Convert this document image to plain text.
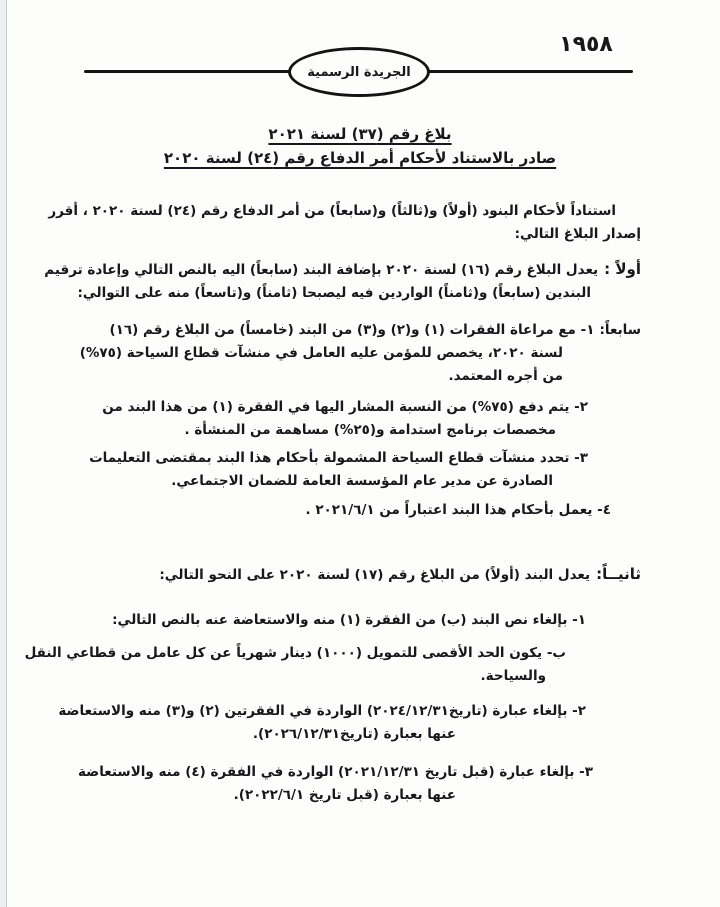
١٩٥٨
الجريدة الرسمية
بلاغ رقم (٣٧) لسنة ٢٠٢١
صادر بالاستناد لأحكام أمر الدفاع رقم (٢٤) لسنة ٢٠٢٠
استناداً لأحكام البنود (أولاً) و(ثالثاً) و(سابعاً) من أمر الدفاع رقم (٢٤) لسنة ٢٠٢٠ ، أقرر
إصدار البلاغ التالي:
أولاً :يعدل البلاغ رقم (١٦) لسنة ٢٠٢٠ بإضافة البند (سابعاً) اليه بالنص التالي وإعادة ترقيم
البندين (سابعاً) و(ثامناً) الواردين فيه ليصبحا (ثامناً) و(تاسعاً) منه على التوالي:
سابعاً:١- مع مراعاة الفقرات (١) و(٢) و(٣) من البند (خامساً) من البلاغ رقم (١٦)
لسنة ٢٠٢٠، يخصص للمؤمن عليه العامل في منشآت قطاع السياحة (٧٥%)
من أجره المعتمد.
٢- يتم دفع (٧٥%) من النسبة المشار اليها في الفقرة (١) من هذا البند من
مخصصات برنامج استدامة و(٢٥%) مساهمة من المنشأة .
٣- تحدد منشآت قطاع السياحة المشمولة بأحكام هذا البند بمقتضى التعليمات
الصادرة عن مدير عام المؤسسة العامة للضمان الاجتماعي.
٤- يعمل بأحكام هذا البند اعتباراً من ٢٠٢١/٦/١ .
ثانيــاً:يعدل البند (أولاً) من البلاغ رقم (١٧) لسنة ٢٠٢٠ على النحو التالي:
١- بإلغاء نص البند (ب) من الفقرة (١) منه والاستعاضة عنه بالنص التالي:
ب- يكون الحد الأقصى للتمويل (١٠٠٠) دينار شهرياً عن كل عامل من قطاعي النقل
والسياحة.
٢- بإلغاء عبارة (تاريخ٢٠٢٤/١٢/٣١) الواردة في الفقرتين (٢) و(٣) منه والاستعاضة
عنها بعبارة (تاريخ٢٠٢٦/١٢/٣١).
٣- بإلغاء عبارة (قبل تاريخ ٢٠٢١/١٢/٣١) الواردة في الفقرة (٤) منه والاستعاضة
عنها بعبارة (قبل تاريخ ٢٠٢٢/٦/١).
